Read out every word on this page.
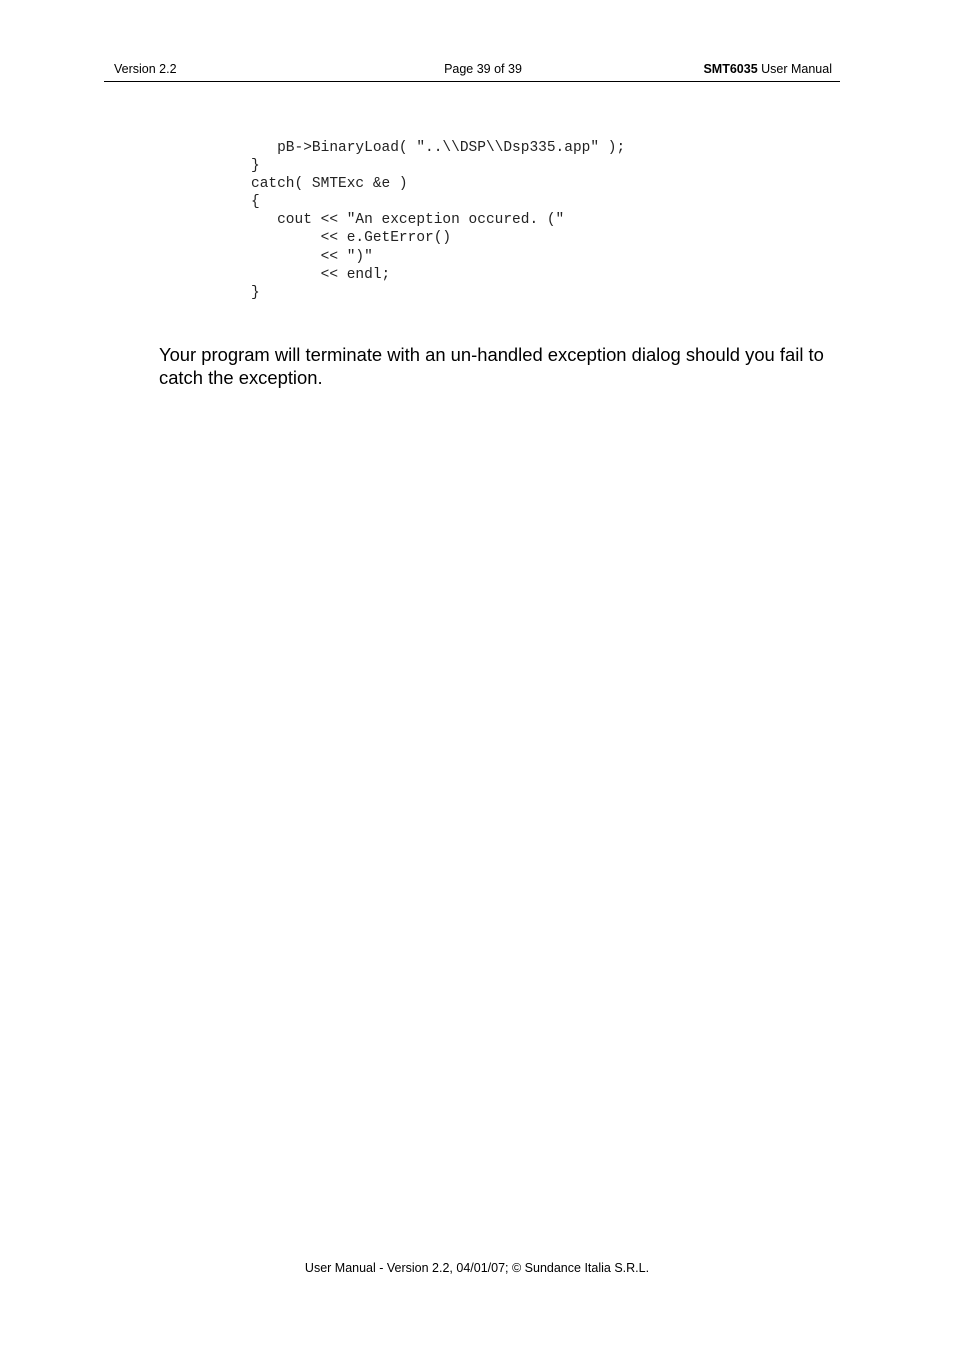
Version 2.2	Page 39 of 39	SMT6035 User Manual
pB->BinaryLoad( "..\\DSP\\Dsp335.app" );
}
catch( SMTExc &e )
{
cout << "An exception occured. ("
<< e.GetError()
<< ")"
<< endl;
}

Your program will terminate with an un-handled exception dialog should you fail to catch the exception.

User Manual - Version 2.2, 04/01/07; © Sundance Italia S.R.L.
